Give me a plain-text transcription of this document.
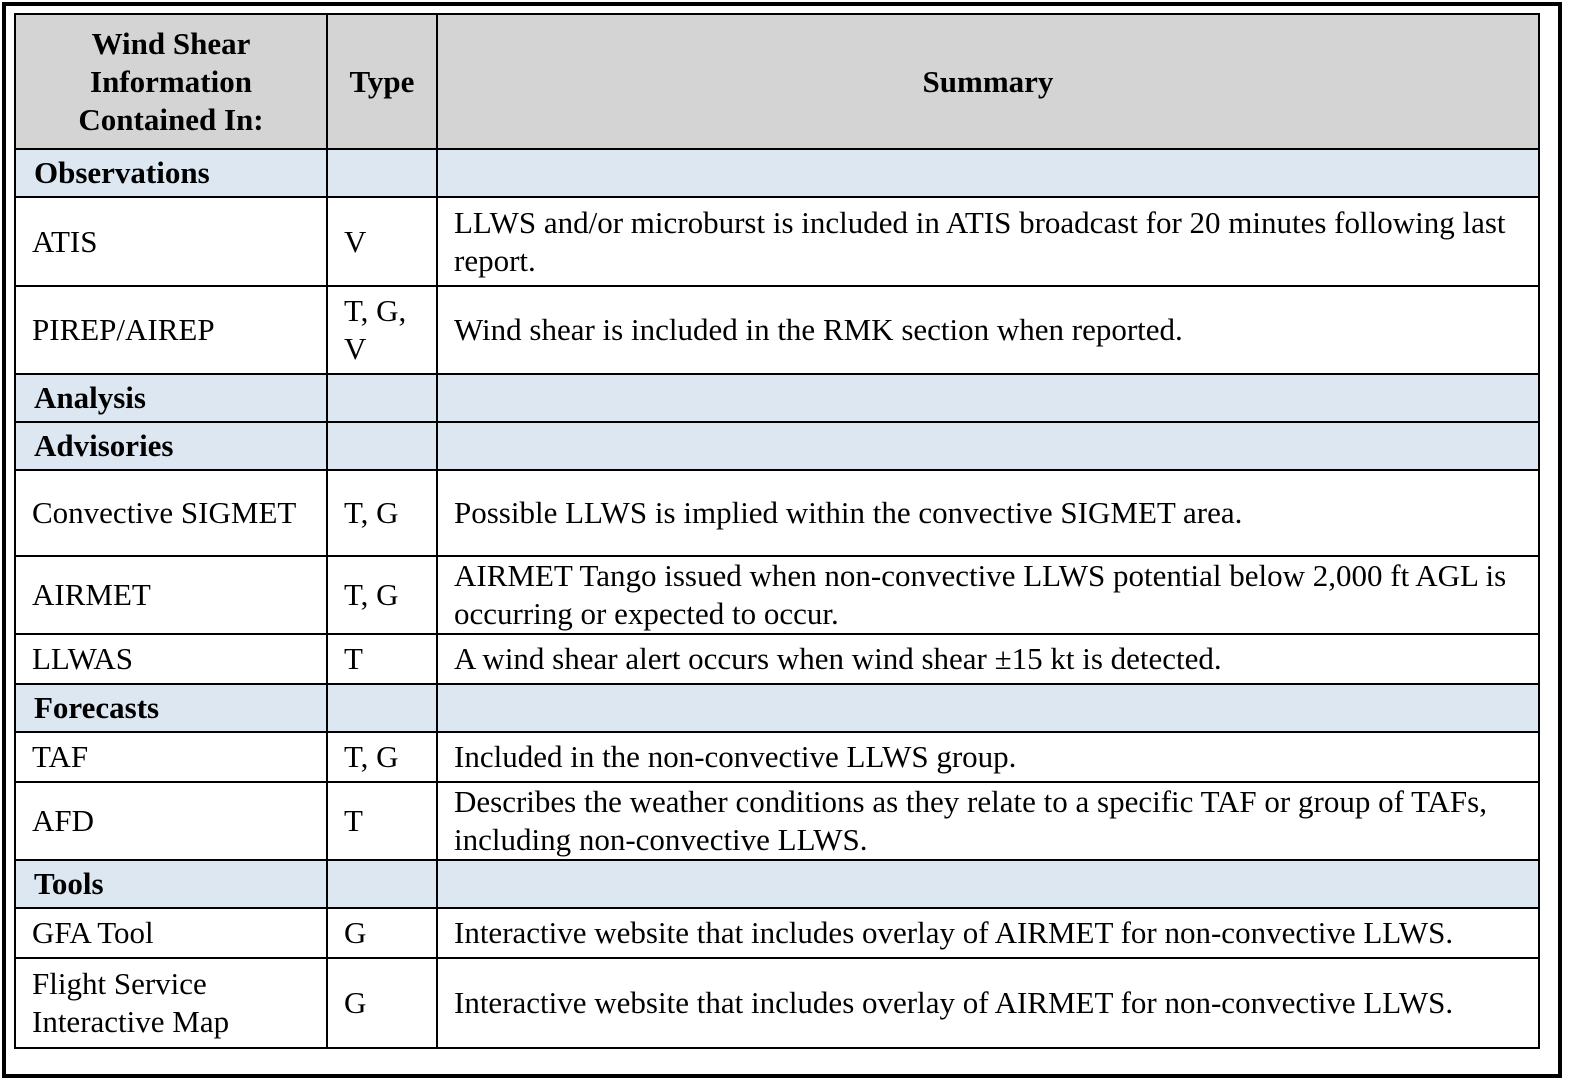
Wind Shear Information Contained In:	Type	Summary
Observations		
ATIS	V	LLWS and/or microburst is included in ATIS broadcast for 20 minutes following last report.
PIREP/AIREP	T, G, V	Wind shear is included in the RMK section when reported.
Analysis		
Advisories		
Convective SIGMET	T, G	Possible LLWS is implied within the convective SIGMET area.
AIRMET	T, G	AIRMET Tango issued when non-convective LLWS potential below 2,000 ft AGL is occurring or expected to occur.
LLWAS	T	A wind shear alert occurs when wind shear ±15 kt is detected.
Forecasts		
TAF	T, G	Included in the non-convective LLWS group.
AFD	T	Describes the weather conditions as they relate to a specific TAF or group of TAFs, including non-convective LLWS.
Tools		
GFA Tool	G	Interactive website that includes overlay of AIRMET for non-convective LLWS.
Flight Service Interactive Map	G	Interactive website that includes overlay of AIRMET for non-convective LLWS.
